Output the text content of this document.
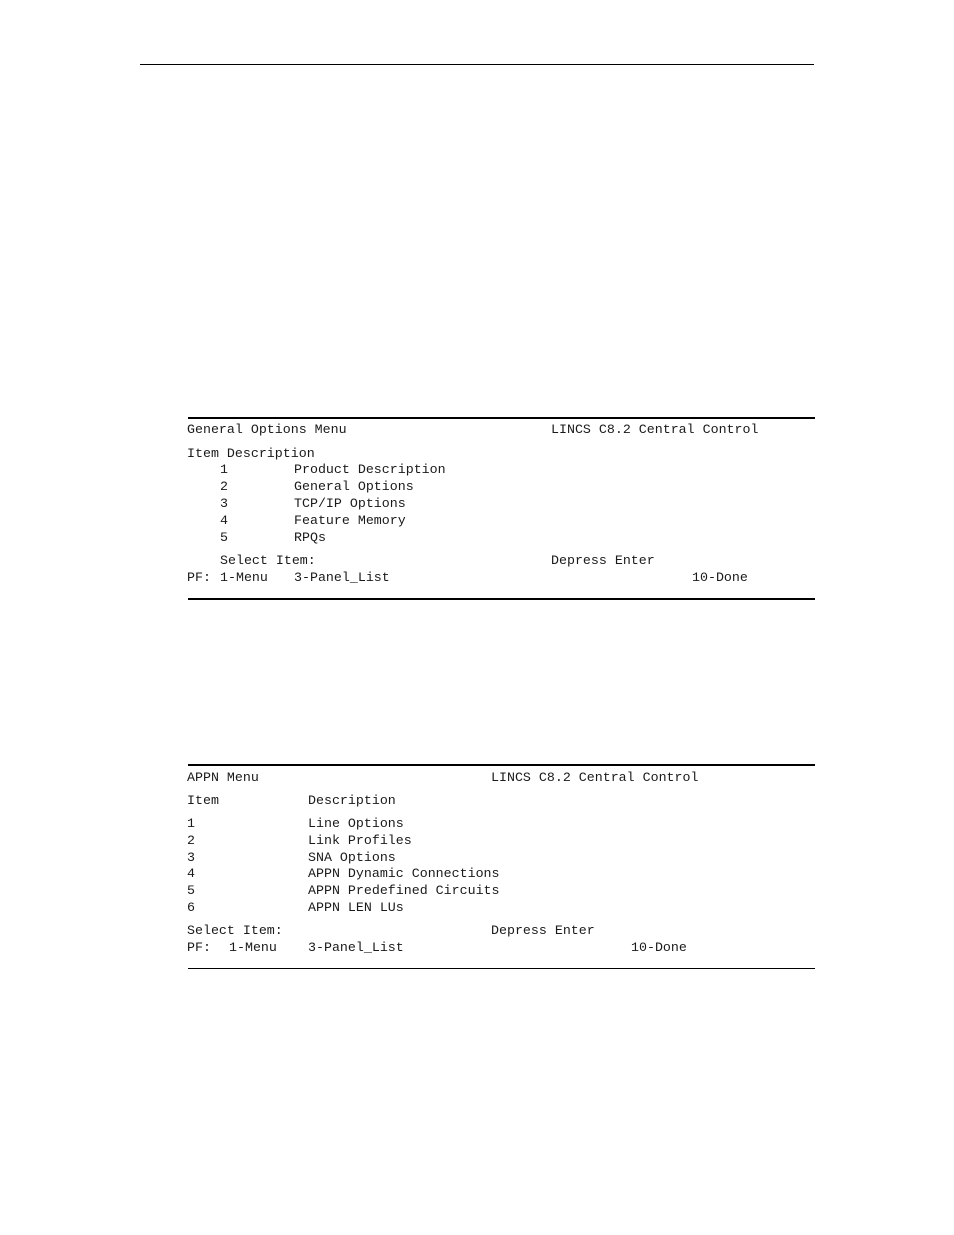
General Options Menu	LINCS C8.2 Central Control
Item Description
1	Product Description
2	General Options
3	TCP/IP Options
4	Feature Memory
5	RPQs
Select Item:	Depress Enter
PF: 1-Menu 3-Panel_List	10-Done
APPN Menu	LINCS C8.2 Central Control
Item	Description
1	Line Options
2	Link Profiles
3	SNA Options
4	APPN Dynamic Connections
5	APPN Predefined Circuits
6	APPN LEN LUs
Select Item:	Depress Enter
PF: 1-Menu 3-Panel_List	10-Done
